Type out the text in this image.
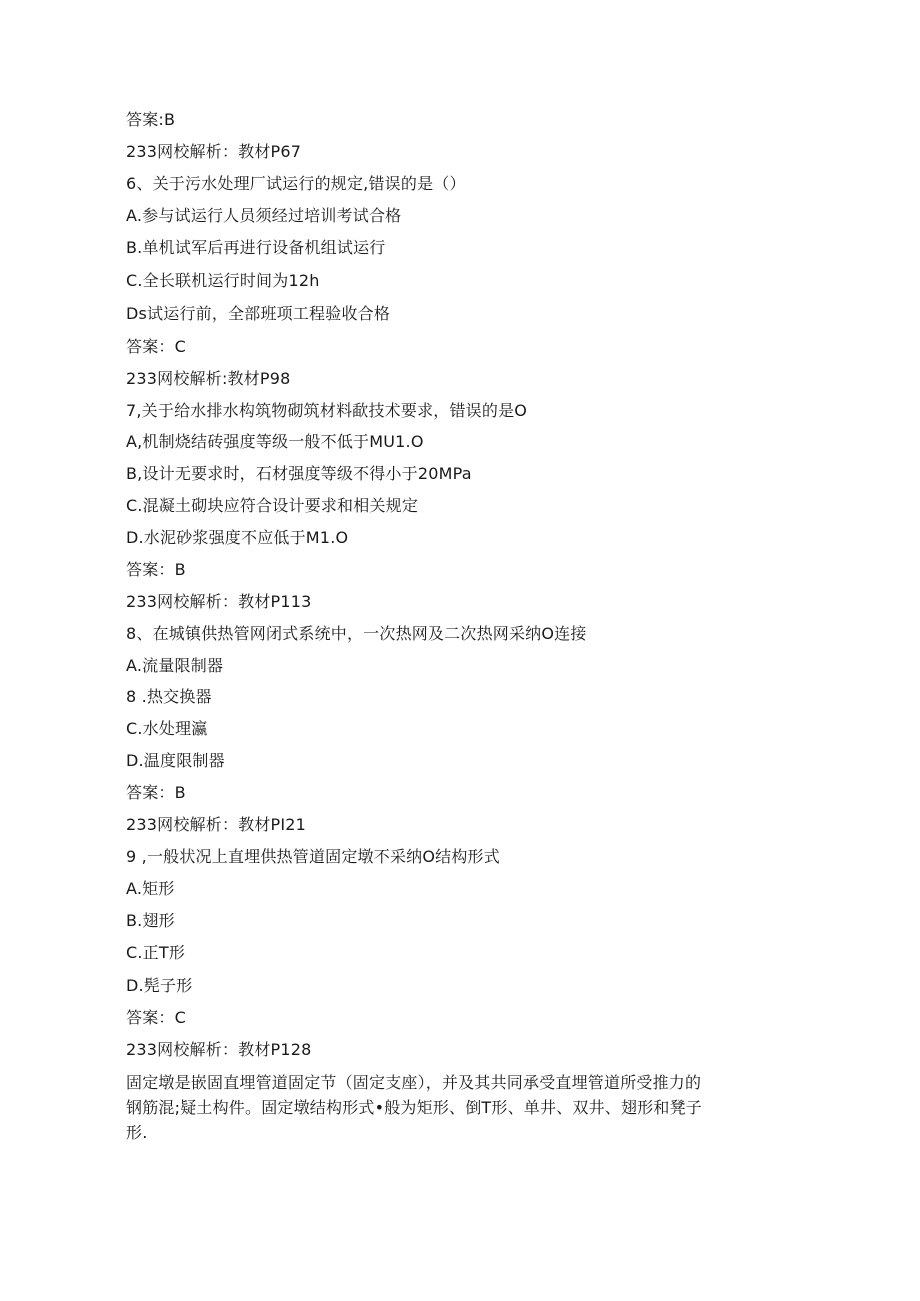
答案:B
233网校解析：教材P67
6、关于污水处理厂试运行的规定,错误的是（）
A.参与试运行人员须经过培训考试合格
B.单机试军后再进行设备机组试运行
C.全长联机运行时间为12h
Ds试运行前，全部班项工程验收合格
答案：C
233网校解析:教材P98
7,关于给水排水构筑物砌筑材料歃技术要求，错误的是O
A,机制烧结砖强度等级一般不低于MU1.O
B,设计无要求时，石材强度等级不得小于20MPa
C.混凝土砌块应符合设计要求和相关规定
D.水泥砂浆强度不应低于M1.O
答案：B
233网校解析：教材P113
8、在城镇供热管网闭式系统中，一次热网及二次热网采纳O连接
A.流量限制器
8 .热交换器
C.水处理瀛
D.温度限制器
答案：B
233网校解析：教材PI21
9 ,一般状况上直埋供热管道固定墩不采纳O结构形式
A.矩形
B.翅形
C.正T形
D.髡子形
答案：C
233网校解析：教材P128
固定墩是嵌固直埋管道固定节（固定支座），并及其共同承受直埋管道所受推力的
钢筋混;疑土构件。固定墩结构形式•般为矩形、倒T形、单井、双井、翅形和凳子
形.
